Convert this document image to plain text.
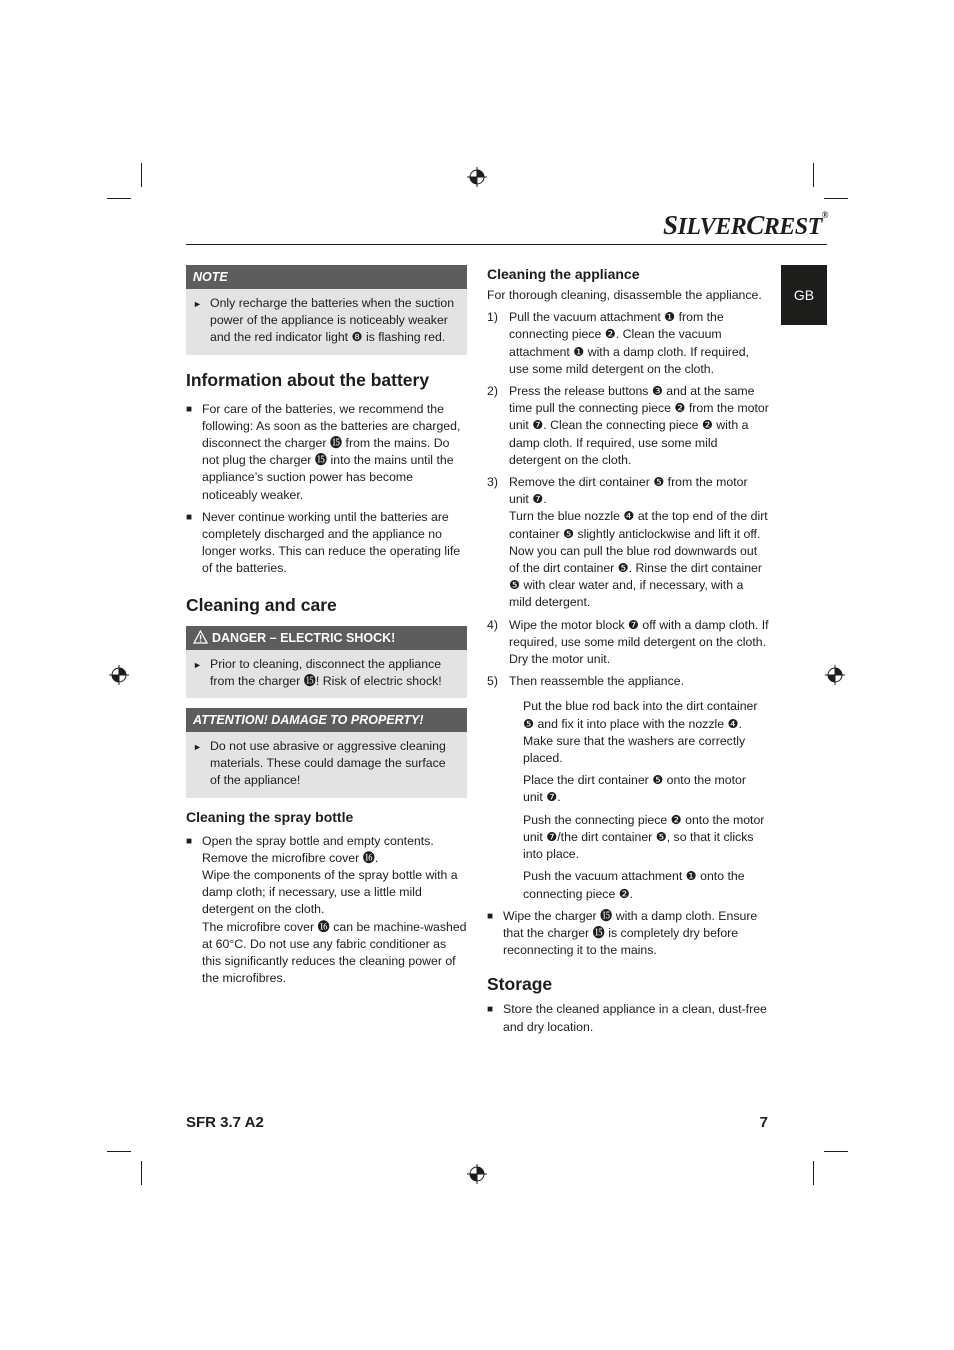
SILVERCREST®
GB
NOTE
► Only recharge the batteries when the suction power of the appliance is noticeably weaker and the red indicator light ❽ is flashing red.
Information about the battery
■ For care of the batteries, we recommend the following: As soon as the batteries are charged, disconnect the charger ⓯ from the mains. Do not plug the charger ⓯ into the mains until the appliance’s suction power has become noticeably weaker.
■ Never continue working until the batteries are completely discharged and the appliance no longer works. This can reduce the operating life of the batteries.
Cleaning and care
DANGER – ELECTRIC SHOCK!
► Prior to cleaning, disconnect the appliance from the charger ⓯! Risk of electric shock!
ATTENTION! DAMAGE TO PROPERTY!
► Do not use abrasive or aggressive cleaning materials. These could damage the surface of the appliance!
Cleaning the spray bottle
■ Open the spray bottle and empty contents. Remove the microfibre cover ⓰.
Wipe the components of the spray bottle with a damp cloth; if necessary, use a little mild detergent on the cloth.
The microfibre cover ⓰ can be machine-washed at 60°C. Do not use any fabric conditioner as this significantly reduces the cleaning power of the microfibres.
Cleaning the appliance
For thorough cleaning, disassemble the appliance.
1) Pull the vacuum attachment ❶ from the connecting piece ❷. Clean the vacuum attachment ❶ with a damp cloth. If required, use some mild detergent on the cloth.
2) Press the release buttons ❸ and at the same time pull the connecting piece ❷ from the motor unit ❼. Clean the connecting piece ❷ with a damp cloth. If required, use some mild detergent on the cloth.
3) Remove the dirt container ❺ from the motor unit ❼.
Turn the blue nozzle ❹ at the top end of the dirt container ❺ slightly anticlockwise and lift it off. Now you can pull the blue rod downwards out of the dirt container ❺. Rinse the dirt container ❺ with clear water and, if necessary, with a mild detergent.
4) Wipe the motor block ❼ off with a damp cloth. If required, use some mild detergent on the cloth. Dry the motor unit.
5) Then reassemble the appliance.
Put the blue rod back into the dirt container ❺ and fix it into place with the nozzle ❹. Make sure that the washers are correctly placed.
Place the dirt container ❺ onto the motor unit ❼.
Push the connecting piece ❷ onto the motor unit ❼/the dirt container ❺, so that it clicks into place.
Push the vacuum attachment ❶ onto the connecting piece ❷.
■ Wipe the charger ⓯ with a damp cloth. Ensure that the charger ⓯ is completely dry before reconnecting it to the mains.
Storage
■ Store the cleaned appliance in a clean, dust-free and dry location.
SFR 3.7 A2	7
